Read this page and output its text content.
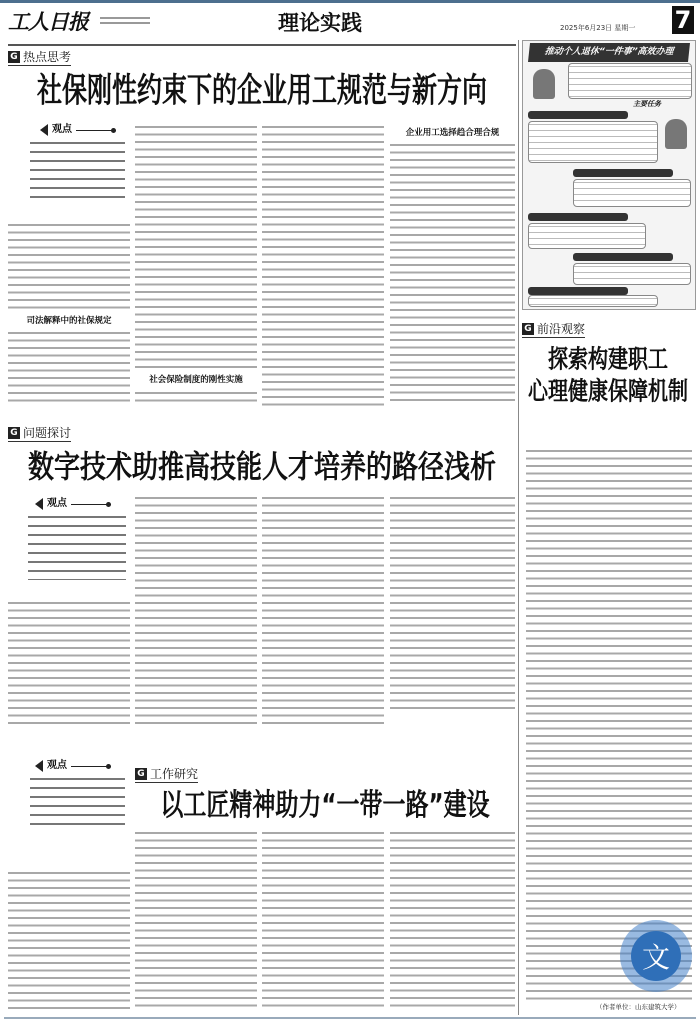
工人日报	理论实践	2025年6月23日 星期一 7
G 热点思考
社保刚性约束下的企业用工规范与新方向
观点
司法解释中的社保规定
社会保险制度的刚性实施
企业用工选择趋合理合规
G 问题探讨
数字技术助推高技能人才培养的路径浅析
观点
观点
G 工作研究
以工匠精神助力“一带一路”建设
推动个人退休“一件事”高效办理
主要任务
G 前沿观察
探索构建职工
心理健康保障机制
（作者单位：山东建筑大学）
文
